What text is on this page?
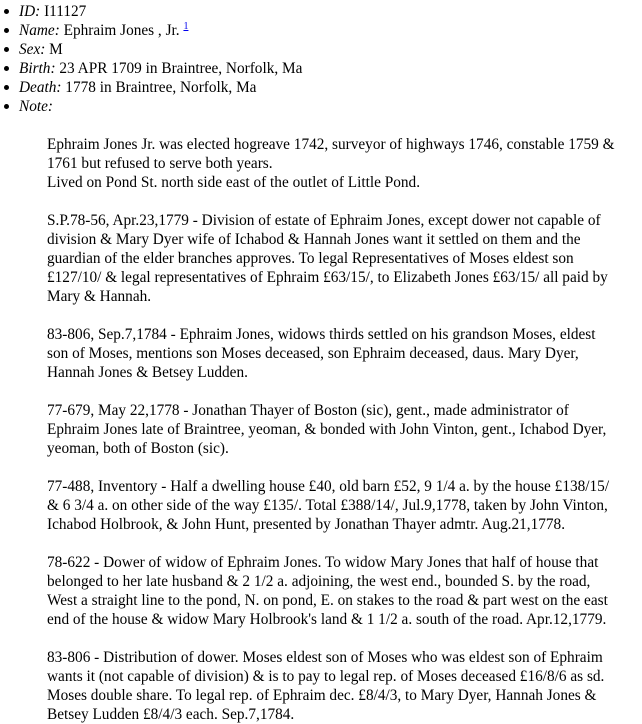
ID: I11127
Name: Ephraim Jones , Jr. $^1$
Sex: M
Birth: 23 APR 1709 in Braintree, Norfolk, Ma
Death: 1778 in Braintree, Norfolk, Ma
Note:

Ephraim Jones Jr. was elected hogreave 1742, surveyor of highways 1746, constable 1759 &
1761 but refused to serve both years.
Lived on Pond St. north side east of the outlet of Little Pond.

S.P.78-56, Apr.23,1779 - Division of estate of Ephraim Jones, except dower not capable of
division & Mary Dyer wife of Ichabod & Hannah Jones want it settled on them and the
guardian of the elder branches approves. To legal Representatives of Moses eldest son
£127/10/ & legal representatives of Ephraim £63/15/, to Elizabeth Jones £63/15/ all paid by
Mary & Hannah.

83-806, Sep.7,1784 - Ephraim Jones, widows thirds settled on his grandson Moses, eldest
son of Moses, mentions son Moses deceased, son Ephraim deceased, daus. Mary Dyer,
Hannah Jones & Betsey Ludden.

77-679, May 22,1778 - Jonathan Thayer of Boston (sic), gent., made administrator of
Ephraim Jones late of Braintree, yeoman, & bonded with John Vinton, gent., Ichabod Dyer,
yeoman, both of Boston (sic).

77-488, Inventory - Half a dwelling house £40, old barn £52, 9 1/4 a. by the house £138/15/
& 6 3/4 a. on other side of the way £135/. Total £388/14/, Jul.9,1778, taken by John Vinton,
Ichabod Holbrook, & John Hunt, presented by Jonathan Thayer admtr. Aug.21,1778.

78-622 - Dower of widow of Ephraim Jones. To widow Mary Jones that half of house that
belonged to her late husband & 2 1/2 a. adjoining, the west end., bounded S. by the road,
West a straight line to the pond, N. on pond, E. on stakes to the road & part west on the east
end of the house & widow Mary Holbrook's land & 1 1/2 a. south of the road. Apr.12,1779.

83-806 - Distribution of dower. Moses eldest son of Moses who was eldest son of Ephraim
wants it (not capable of division) & is to pay to legal rep. of Moses deceased £16/8/6 as sd.
Moses double share. To legal rep. of Ephraim dec. £8/4/3, to Mary Dyer, Hannah Jones &
Betsey Ludden £8/4/3 each. Sep.7,1784.
